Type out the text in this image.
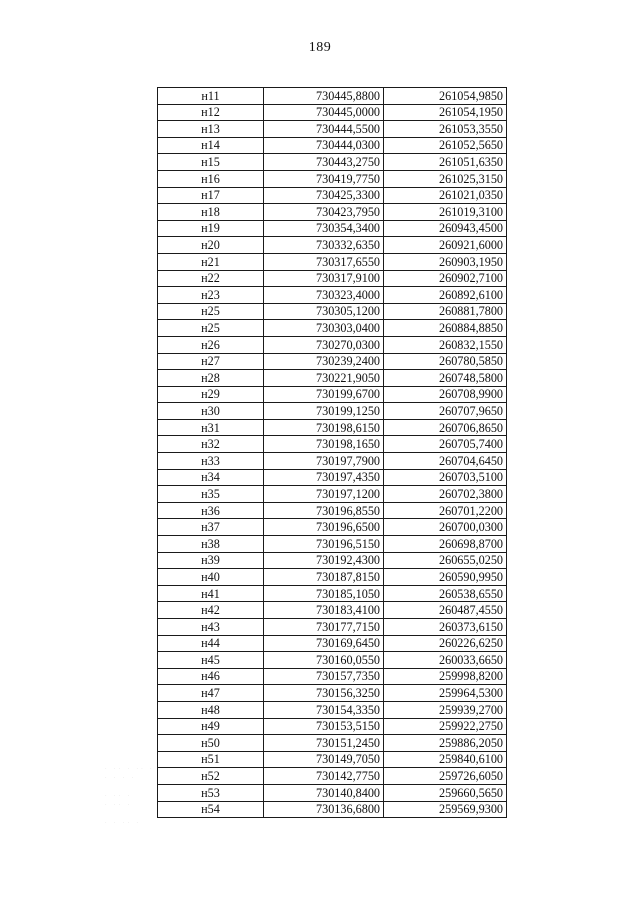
189
н11	730445,8800	261054,9850
н12	730445,0000	261054,1950
н13	730444,5500	261053,3550
н14	730444,0300	261052,5650
н15	730443,2750	261051,6350
н16	730419,7750	261025,3150
н17	730425,3300	261021,0350
н18	730423,7950	261019,3100
н19	730354,3400	260943,4500
н20	730332,6350	260921,6000
н21	730317,6550	260903,1950
н22	730317,9100	260902,7100
н23	730323,4000	260892,6100
н25	730305,1200	260881,7800
н25	730303,0400	260884,8850
н26	730270,0300	260832,1550
н27	730239,2400	260780,5850
н28	730221,9050	260748,5800
н29	730199,6700	260708,9900
н30	730199,1250	260707,9650
н31	730198,6150	260706,8650
н32	730198,1650	260705,7400
н33	730197,7900	260704,6450
н34	730197,4350	260703,5100
н35	730197,1200	260702,3800
н36	730196,8550	260701,2200
н37	730196,6500	260700,0300
н38	730196,5150	260698,8700
н39	730192,4300	260655,0250
н40	730187,8150	260590,9950
н41	730185,1050	260538,6550
н42	730183,4100	260487,4550
н43	730177,7150	260373,6150
н44	730169,6450	260226,6250
н45	730160,0550	260033,6650
н46	730157,7350	259998,8200
н47	730156,3250	259964,5300
н48	730154,3350	259939,2700
н49	730153,5150	259922,2750
н50	730151,2450	259886,2050
н51	730149,7050	259840,6100
н52	730142,7750	259726,6050
н53	730140,8400	259660,5650
н54	730136,6800	259569,9300
· ·· · ·· ·
· · · ·

· ·· ·
· ·· ·

· · ·· ·
